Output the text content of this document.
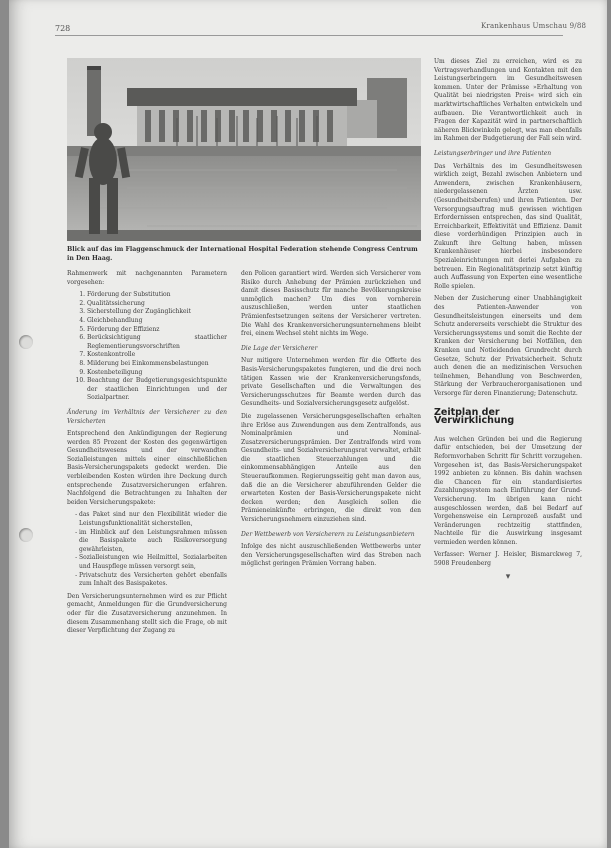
728	Krankenhaus Umschau 9/88
Blick auf das im Flaggenschmuck der International Hospital Federation stehende Congress Centrum in Den Haag.

Rahmenwerk mit nachgenannten Parametern vorgesehen:

1. Förderung der Substitution
2. Qualitätssicherung
3. Sicherstellung der Zugänglichkeit
4. Gleichbehandlung
5. Förderung der Effizienz
6. Berücksichtigung staatlicher Reglementierungsvorschriften
7. Kostenkontrolle
8. Milderung bei Einkommensbelastungen
9. Kostenbeteiligung
10. Beachtung der Budgetierungsgesichtspunkte der staatlichen Einrichtungen und der Sozialpartner.

Änderung im Verhältnis der Versicherer zu den Versicherten

Entsprechend den Ankündigungen der Regierung werden 85 Prozent der Kosten des gegenwärtigen Gesundheitswesens und der verwandten Sozialleistungen mittels einer einschließlichen Basis-Versicherungspakets gedeckt werden. Die verbleibenden Kosten würden ihre Deckung durch entsprechende Zusatzversicherungen erfahren. Nachfolgend die Betrachtungen zu Inhalten der beiden Versicherungspakete:

- das Paket sind nur den Flexibilität wieder die Leistungsfunktionalität sicherstellen,
- im Hinblick auf den Leistungsrahmen müssen die Basispakete auch Risikoversorgung gewährleisten,
- Sozialleistungen wie Heilmittel, Sozialarbeiten und Hauspflege müssen versorgt sein,
- Privatschutz des Versicherten gehört ebenfalls zum Inhalt des Basispaketes.

Den Versicherungsunternehmen wird es zur Pflicht gemacht, Anmeldungen für die Grundversicherung oder für die Zusatzversicherung anzunehmen. In diesem Zusammenhang stellt sich die Frage, ob mit dieser Verpflichtung der Zugang zu

den Policen garantiert wird. Werden sich Versicherer vom Risiko durch Anhebung der Prämien zurückziehen und damit dieses Basisschutz für manche Bevölkerungskreise unmöglich machen? Um dies von vornherein auszuschließen, werden unter staatlichen Prämienfestsetzungen seitens der Versicherer vertreten. Die Wahl des Krankenversicherungsunternehmens bleibt frei, einem Wechsel steht nichts im Wege.

Die Lage der Versicherer

Nur mitigere Unternehmen werden für die Offerte des Basis-Versicherungspaketes fungieren, und die drei noch tätigen Kassen wie der Krankenversicherungsfonds, private Gesellschaften und die Verwaltungen des Versicherungsschutzes für Beamte werden durch das Gesundheits- und Sozialversicherungsgesetz aufgelöst.

Die zugelassenen Versicherungsgesellschaften erhalten ihre Erlöse aus Zuwendungen aus dem Zentralfonds, aus Nominalprämien und Nominal-Zusatzversicherungsprämien. Der Zentralfonds wird vom Gesundheits- und Sozialversicherungsrat verwaltet, erhält die staatlichen Steuerzahlungen und die einkommensabhängigen Anteile aus den Steueraufkommen. Regierungsseitig geht man davon aus, daß die an die Versicherer abzuführenden Gelder die erwarteten Kosten der Basis-Versicherungspakete nicht decken werden; den Ausgleich sollen die Prämieneinkünfte erbringen, die direkt von den Versicherungsnehmern einzuziehen sind.

Der Wettbewerb von Versicherern zu Leistungsanbietern

Infolge des nicht auszuschließenden Wettbewerbs unter den Versicherungsgesellschaften wird das Streben nach möglichst geringen Prämien Vorrang haben.

Um dieses Ziel zu erreichen, wird es zu Vertragsverhandlungen und Kontakten mit den Leistungserbringern im Gesundheitswesen kommen. Unter der Prämisse »Erhaltung von Qualität bei niedrigsten Preis« wird sich ein marktwirtschaftliches Verhalten entwickeln und aufbauen. Die Verantwortlichkeit auch in Fragen der Kapazität wird in partnerschaftlich näheren Blickwinkeln gelegt, was man ebenfalls im Rahmen der Budgetierung der Fall sein wird.

Leistungserbringer und ihre Patienten

Das Verhältnis des im Gesundheitswesen wirklich zeigt, Bezahl zwischen Anbietern und Anwendern, zwischen Krankenhäusern, niedergelassenen Ärzten usw. (Gesundheitsberufen) und ihren Patienten. Der Versorgungsauftrag muß gewissen wichtigen Erfordernissen entsprechen, das sind Qualität, Erreichbarkeit, Effektivität und Effizienz. Damit diese vorderhündigen Prinzipien auch in Zukunft ihre Geltung haben, müssen Krankenhäuser hierbei insbesondere Spezialeinrichtungen mit derlei Aufgaben zu betreuen. Ein Regionalitätsprinzip setzt künftig auch Auffassung von Experten eine wesentliche Rolle spielen.

Neben der Zusicherung einer Unabhängigkeit des Patienten-Anwender von Gesundheitsleistungen einerseits und dem Schutz andererseits verschiebt die Struktur des Versicherungssystems und somit die Rechte der Kranken der Versicherung bei Notfällen, den Kranken und Notleidenden Grundrecht durch Gesetze, Schutz der Privatsicherheit. Schutz auch denen die an medizinischen Versuchen teilnehmen, Behandlung von Beschwerden, Stärkung der Verbraucherorganisationen und Versorge für deren Finanzierung; Datenschutz.

Zeitplan der Verwirklichung

Aus welchen Gründen bei und die Regierung dafür entschieden, bei der Umsetzung der Reformvorhaben Schritt für Schritt vorzugehen. Vorgesehen ist, das Basis-Versicherungspaket 1992 anbieten zu können. Bis dahin wachsen die Chancen für ein standardisiertes Zuzahlungssystem nach Einführung der Grund-Versicherung. Im übrigen kann nicht ausgeschlossen werden, daß bei Bedarf auf Vorgehensweise ein Lernprozeß ausfaßt und Veränderungen rechtzeitig stattfinden, Nachteile für die Auswirkung insgesamt vermieden werden können.

Verfasser: Werner J. Heisler, Bismarckweg 7, 5908 Freudenberg

▾
